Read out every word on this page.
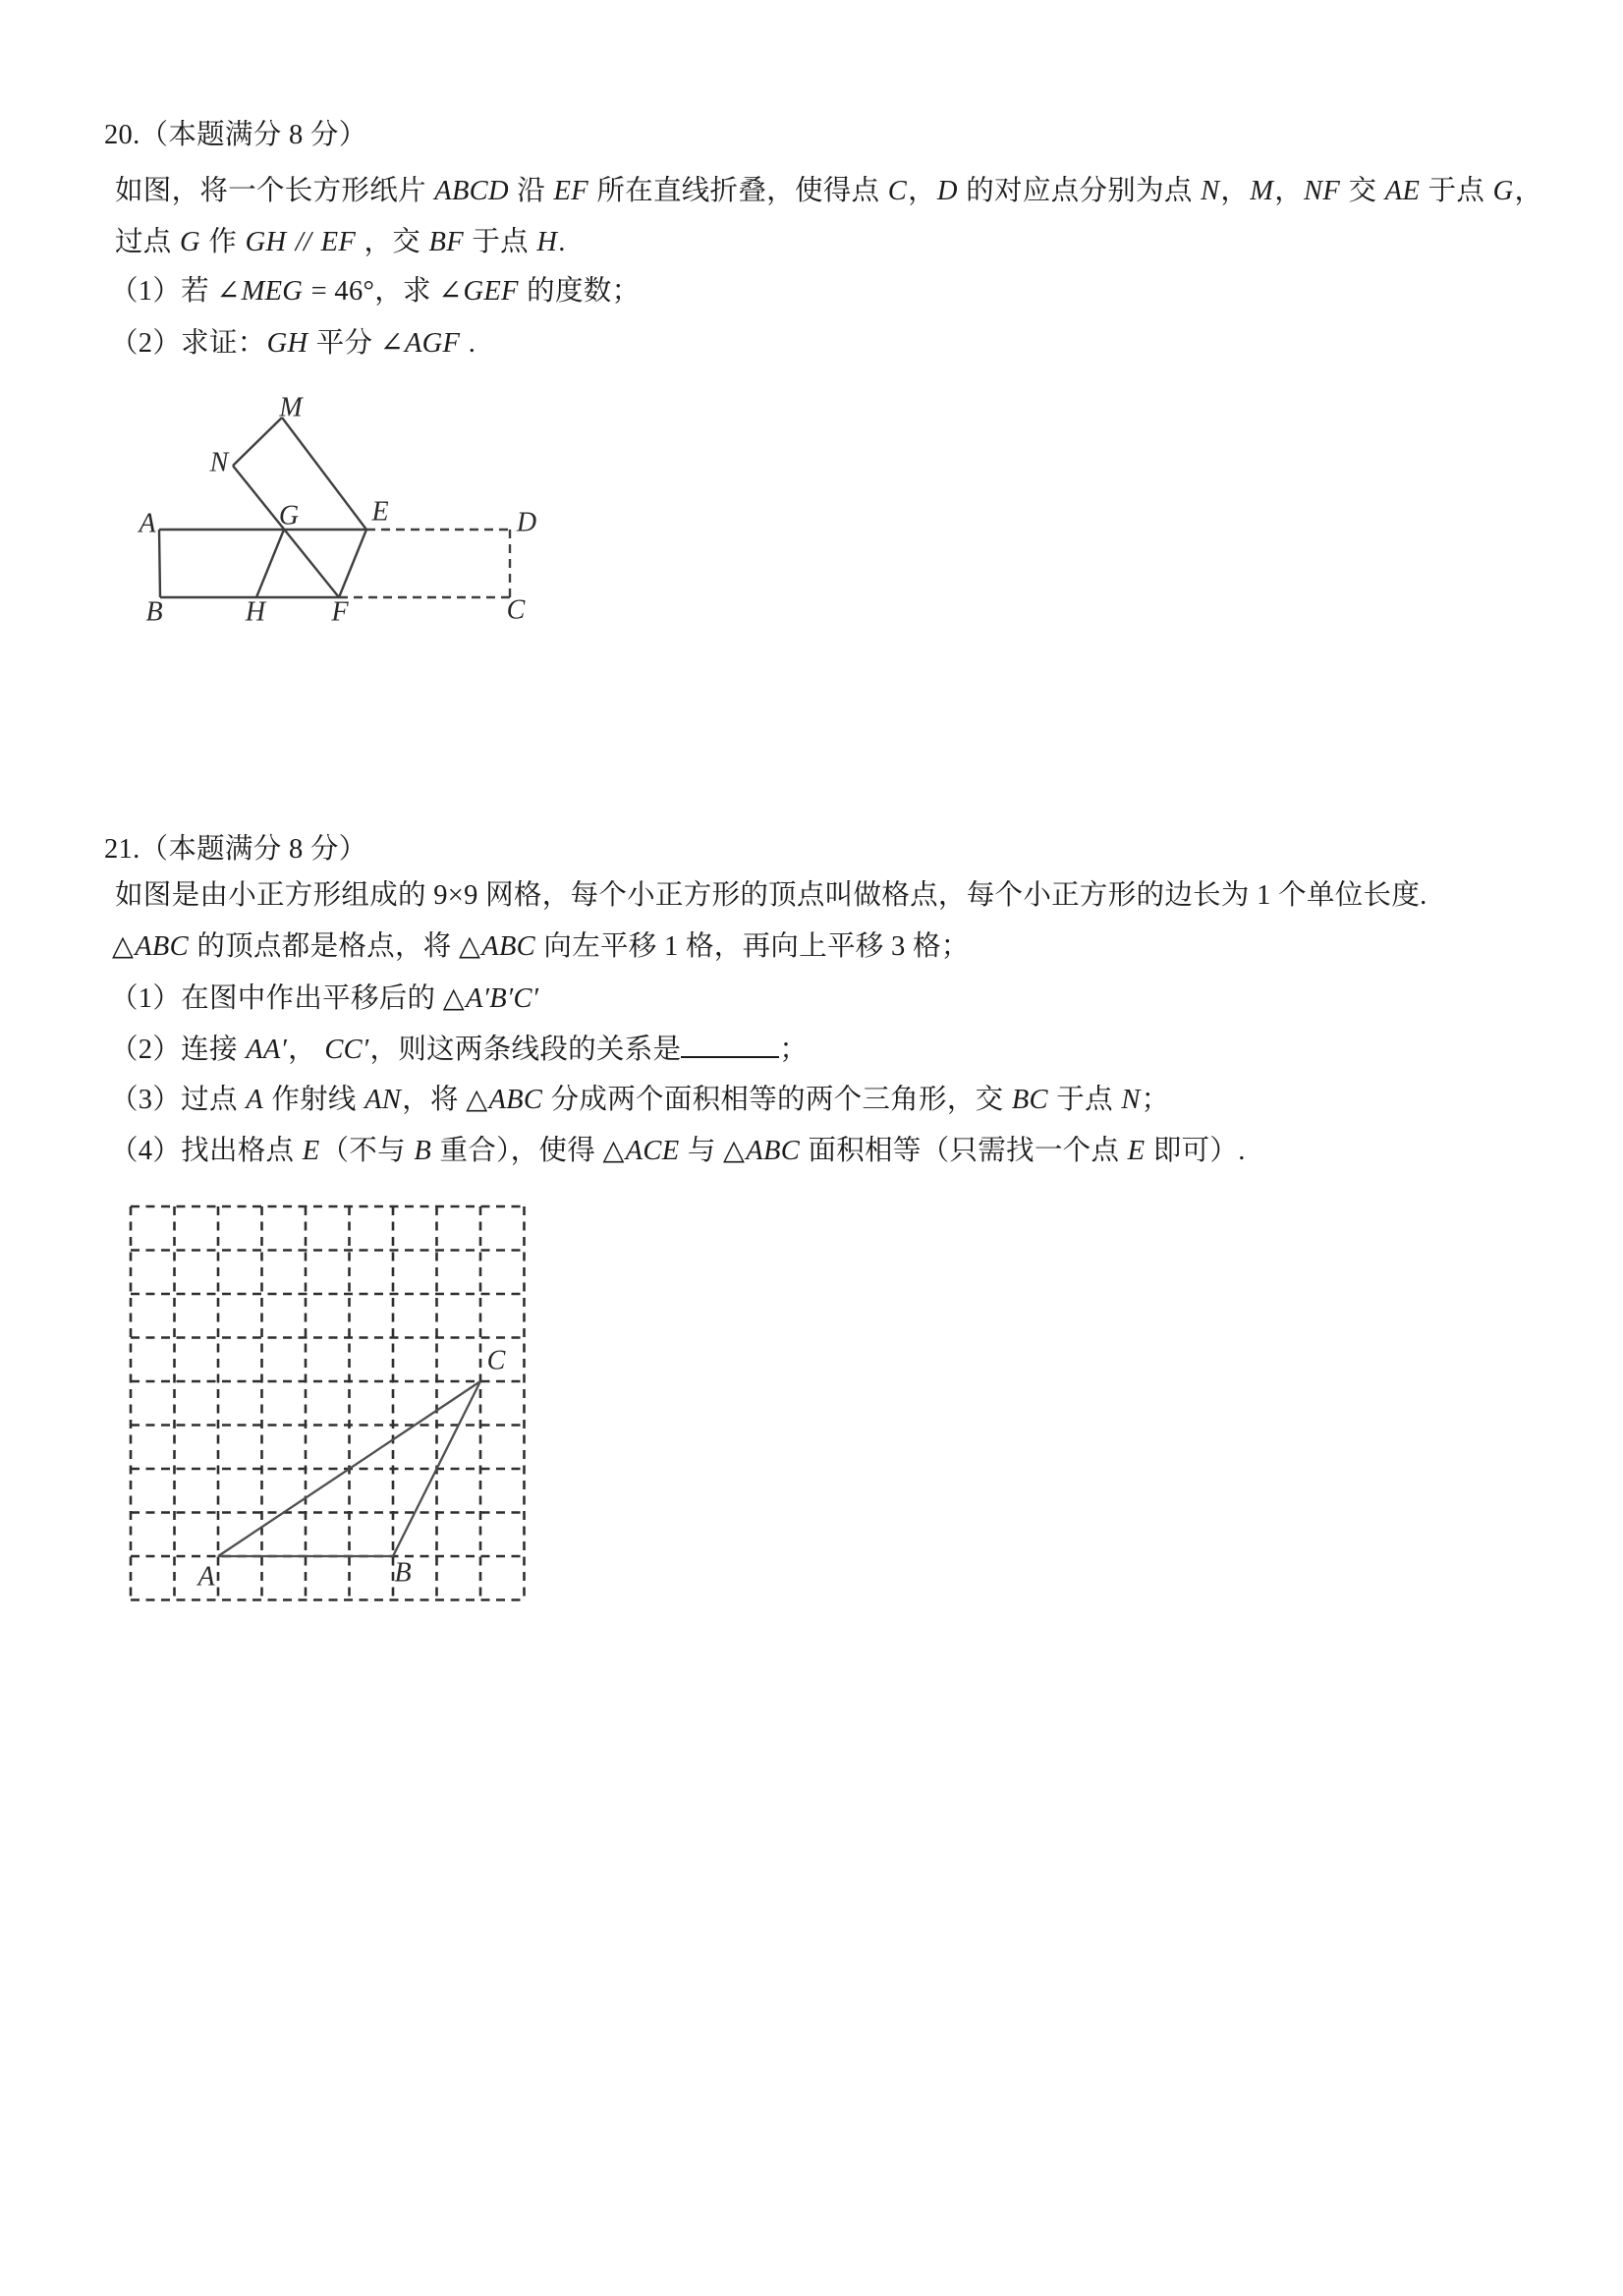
20.（本题满分 8 分）
如图，将一个长方形纸片 ABCD 沿 EF 所在直线折叠，使得点 C，D 的对应点分别为点 N，M，NF 交 AE 于点 G，
过点 G 作 GH // EF ，交 BF 于点 H.
（1）若 ∠MEG = 46°，求 ∠GEF 的度数；
（2）求证：GH 平分 ∠AGF .
M
N
A	G	E	D
B	H F	C
21.（本题满分 8 分）
如图是由小正方形组成的 9×9 网格，每个小正方形的顶点叫做格点，每个小正方形的边长为 1 个单位长度.
△ABC 的顶点都是格点，将 △ABC 向左平移 1 格，再向上平移 3 格；
（1）在图中作出平移后的 △A′B′C′
（2）连接 AA′， CC′，则这两条线段的关系是	；
（3）过点 A 作射线 AN，将 △ABC 分成两个面积相等的两个三角形，交 BC 于点 N；
（4）找出格点 E（不与 B 重合），使得 △ACE 与 △ABC 面积相等（只需找一个点 E 即可）.
A	B
C
